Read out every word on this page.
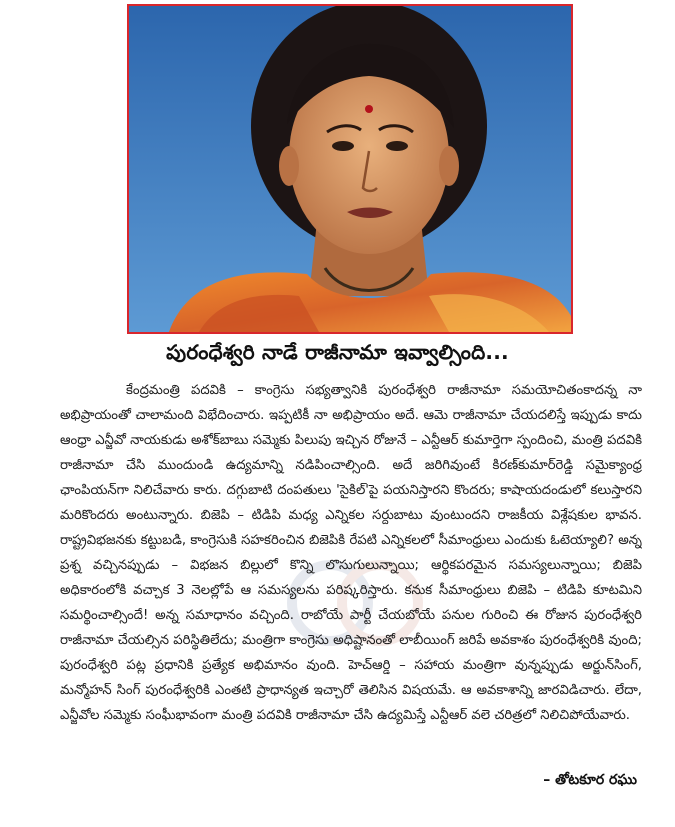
పురంధేశ్వరి నాడే రాజీనామా ఇవ్వాల్సింది...

కేంద్రమంత్రి పదవికి – కాంగ్రెసు సభ్యత్వానికి పురంధేశ్వరి రాజీనామా సమయోచితంకాదన్న నా అభిప్రాయంతో చాలామంది విభేదించారు. ఇప్పటికీ నా అభిప్రాయం అదే. ఆమె రాజీనామా చేయదలిస్తే ఇప్పుడు కాదు ఆంధ్రా ఎన్జీవో నాయకుడు అశోక్‌బాబు సమ్మెకు పిలుపు ఇచ్చిన రోజునే – ఎన్టీఆర్ కుమార్తెగా స్పందించి, మంత్రి పదవికి రాజీనామా చేసి ముందుండి ఉద్యమాన్ని నడిపించాల్సింది. అదే జరిగివుంటే కిరణ్‌కుమార్‌రెడ్డి సమైక్యాంధ్ర ఛాంపియన్‌గా నిలిచేవారు కారు. దగ్గుబాటి దంపతులు 'సైకిల్'పై పయనిస్తారని కొందరు; కాషాయదండులో కలుస్తారని మరికొందరు అంటున్నారు. బిజెపి – టిడిపి మధ్య ఎన్నికల సర్దుబాటు వుంటుందని రాజకీయ విశ్లేషకుల భావన. రాష్ట్రవిభజనకు కట్టుబడి, కాంగ్రెసుకి సహకరించిన బిజెపికి రేపటి ఎన్నికలలో సీమాంధ్రులు ఎందుకు ఓటెయ్యాలి? అన్న ప్రశ్న వచ్చినప్పుడు – విభజన బిల్లులో కొన్ని లొసుగులున్నాయి; ఆర్థికపరమైన సమస్యలున్నాయి; బిజెపి అధికారంలోకి వచ్చాక 3 నెలల్లోపే ఆ సమస్యలను పరిష్కరిస్తారు. కనుక సీమాంధ్రులు బిజెపి – టిడిపి కూటమిని సమర్థించాల్సిందే! అన్న సమాధానం వచ్చింది. రాబోయే పార్టీ చేయబోయే పనుల గురించి ఈ రోజున పురంధేశ్వరి రాజీనామా చేయల్సిన పరిస్థితిలేదు; మంత్రిగా కాంగ్రెసు అధిష్టానంతో లాబీయింగ్ జరిపే అవకాశం పురంధేశ్వరికి వుంది; పురంధేశ్వరి పట్ల ప్రధానికి ప్రత్యేక అభిమానం వుంది. హెచ్ఆర్డి – సహాయ మంత్రిగా వున్నప్పుడు అర్జున్‌సింగ్, మన్మోహన్ సింగ్ పురంధేశ్వరికి ఎంతటి ప్రాధాన్యత ఇచ్చారో తెలిసిన విషయమే. ఆ అవకాశాన్ని జారవిడిచారు. లేదా, ఎన్జీవోల సమ్మెకు సంఘీభావంగా మంత్రి పదవికి రాజీనామా చేసి ఉద్యమిస్తే ఎన్టీఆర్ వలె చరిత్రలో నిలిచిపోయేవారు.

– తోటకూర రఘు
